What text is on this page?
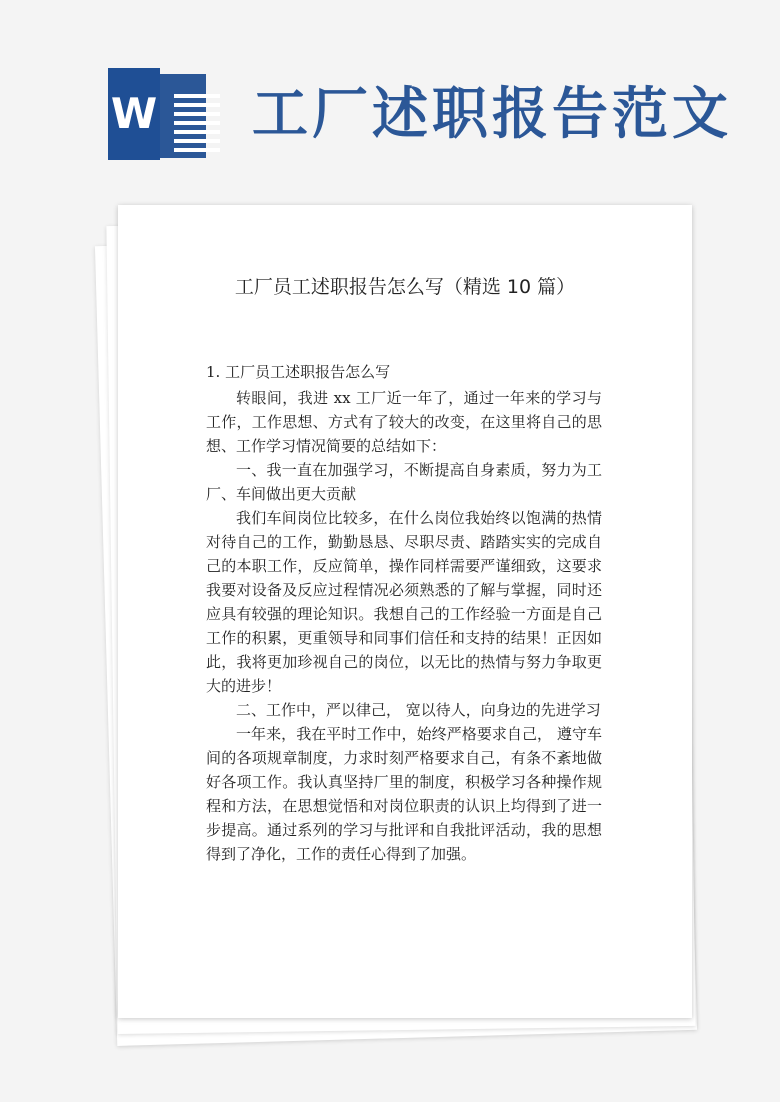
W 工厂述职报告范文
工厂员工述职报告怎么写（精选 10 篇）

1. 工厂员工述职报告怎么写

转眼间，我进 xx 工厂近一年了，通过一年来的学习与工作，工作思想、方式有了较大的改变，在这里将自己的思想、工作学习情况简要的总结如下：

一、我一直在加强学习，不断提高自身素质，努力为工厂、车间做出更大贡献

我们车间岗位比较多，在什么岗位我始终以饱满的热情对待自己的工作，勤勤恳恳、尽职尽责、踏踏实实的完成自己的本职工作，反应简单，操作同样需要严谨细致，这要求我要对设备及反应过程情况必须熟悉的了解与掌握，同时还应具有较强的理论知识。我想自己的工作经验一方面是自己工作的积累，更重领导和同事们信任和支持的结果！正因如此，我将更加珍视自己的岗位，以无比的热情与努力争取更大的进步！

二、工作中，严以律己， 宽以待人，向身边的先进学习

一年来，我在平时工作中，始终严格要求自己， 遵守车间的各项规章制度，力求时刻严格要求自己，有条不紊地做好各项工作。我认真坚持厂里的制度，积极学习各种操作规程和方法，在思想觉悟和对岗位职责的认识上均得到了进一步提高。通过系列的学习与批评和自我批评活动，我的思想得到了净化，工作的责任心得到了加强。
